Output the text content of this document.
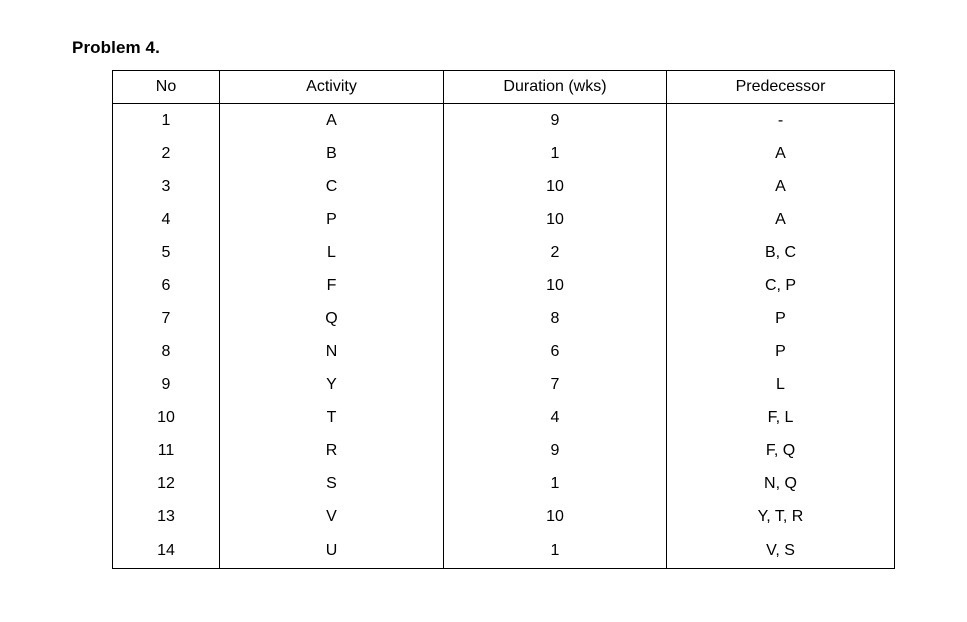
Problem 4.
No	Activity	Duration (wks)	Predecessor
1	A	9	-
2	B	1	A
3	C	10	A
4	P	10	A
5	L	2	B, C
6	F	10	C, P
7	Q	8	P
8	N	6	P
9	Y	7	L
10	T	4	F, L
11	R	9	F, Q
12	S	1	N, Q
13	V	10	Y, T, R
14	U	1	V, S
